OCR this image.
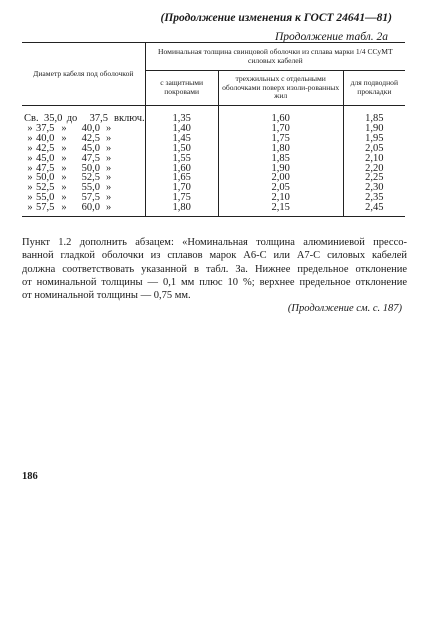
(Продолжение изменения к ГОСТ 24641—81)
Продолжение табл. 2а
Диаметр кабеля под оболочкой	Номинальная толщина свинцовой оболочки из сплава марки 1/4 ССуМТ силовых кабелей		
	с защитными покровами	трехжильных с отдельными оболочками поверх изоли-рованных жил	для подводной прокладки

Св. 35,0 до 37,5 включ.	1,35	1,60	1,85
» 37,5 » 40,0 »	1,40	1,70	1,90
» 40,0 » 42,5 »	1,45	1,75	1,95
» 42,5 » 45,0 »	1,50	1,80	2,05
» 45,0 » 47,5 »	1,55	1,85	2,10
» 47,5 » 50,0 »	1,60	1,90	2,20
» 50,0 » 52,5 »	1,65	2,00	2,25
» 52,5 » 55,0 »	1,70	2,05	2,30
» 55,0 » 57,5 »	1,75	2,10	2,35
» 57,5 » 60,0 »	1,80	2,15	2,45

Пункт 1.2 дополнить абзацем: «Номинальная толщина алюминиевой прессо-
ванной гладкой оболочки из сплавов марок А6-С или А7-С силовых кабелей
должна соответствовать указанной в табл. За. Нижнее предельное отклонение
от номинальной толщины — 0,1 мм плюс 10 %; верхнее предельное отклонение
от номинальной толщины — 0,75 мм.

(Продолжение см. с. 187)
186
